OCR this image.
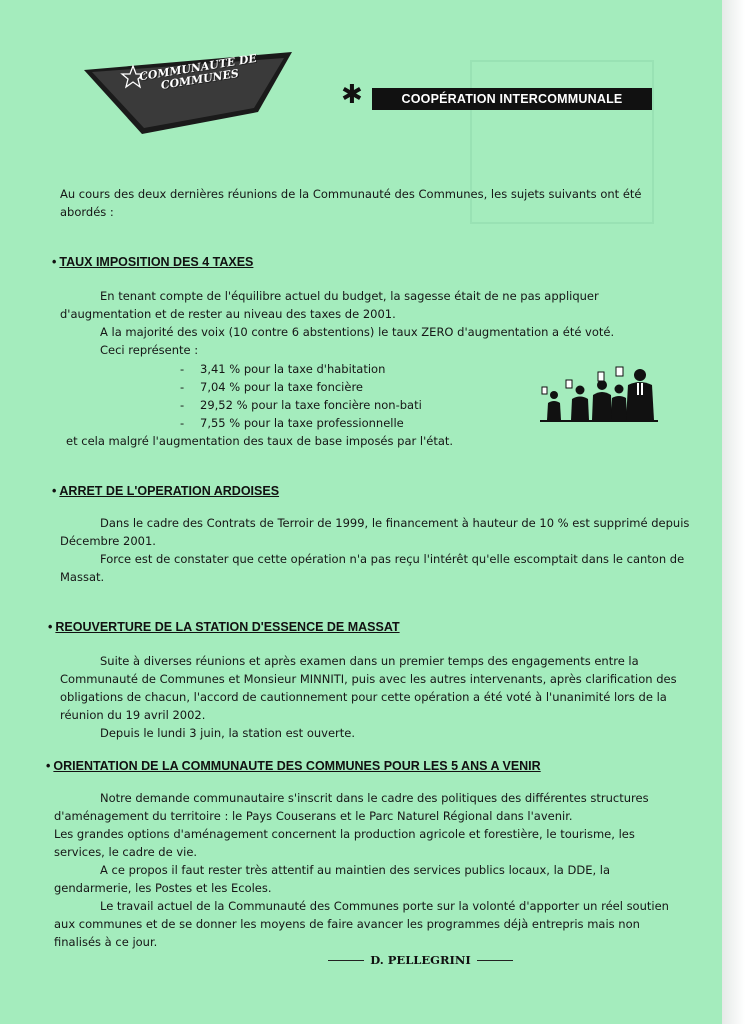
COMMUNAUTE DE COMMUNES
✱	COOPÉRATION INTERCOMMUNALE
Au cours des deux dernières réunions de la Communauté des Communes, les sujets suivants ont été
abordés :
• TAUX IMPOSITION DES 4 TAXES
En tenant compte de l'équilibre actuel du budget, la sagesse était de ne pas appliquer
d'augmentation et de rester au niveau des taxes de 2001.
A la majorité des voix (10 contre 6 abstentions) le taux ZERO d'augmentation a été voté.
Ceci représente :
- 3,41 % pour la taxe d'habitation
- 7,04 % pour la taxe foncière
- 29,52 % pour la taxe foncière non-bati
- 7,55 % pour la taxe professionnelle
et cela malgré l'augmentation des taux de base imposés par l'état.
• ARRET DE L'OPERATION ARDOISES
Dans le cadre des Contrats de Terroir de 1999, le financement à hauteur de 10 % est supprimé depuis
Décembre 2001.
Force est de constater que cette opération n'a pas reçu l'intérêt qu'elle escomptait dans le canton de
Massat.
• REOUVERTURE DE LA STATION D'ESSENCE DE MASSAT
Suite à diverses réunions et après examen dans un premier temps des engagements entre la
Communauté de Communes et Monsieur MINNITI, puis avec les autres intervenants, après clarification des
obligations de chacun, l'accord de cautionnement pour cette opération a été voté à l'unanimité lors de la
réunion du 19 avril 2002.
Depuis le lundi 3 juin, la station est ouverte.
• ORIENTATION DE LA COMMUNAUTE DES COMMUNES POUR LES 5 ANS A VENIR
Notre demande communautaire s'inscrit dans le cadre des politiques des différentes structures
d'aménagement du territoire : le Pays Couserans et le Parc Naturel Régional dans l'avenir.
Les grandes options d'aménagement concernent la production agricole et forestière, le tourisme, les
services, le cadre de vie.
A ce propos il faut rester très attentif au maintien des services publics locaux, la DDE, la
gendarmerie, les Postes et les Ecoles.
Le travail actuel de la Communauté des Communes porte sur la volonté d'apporter un réel soutien
aux communes et de se donner les moyens de faire avancer les programmes déjà entrepris mais non
finalisés à ce jour.
D. PELLEGRINI
